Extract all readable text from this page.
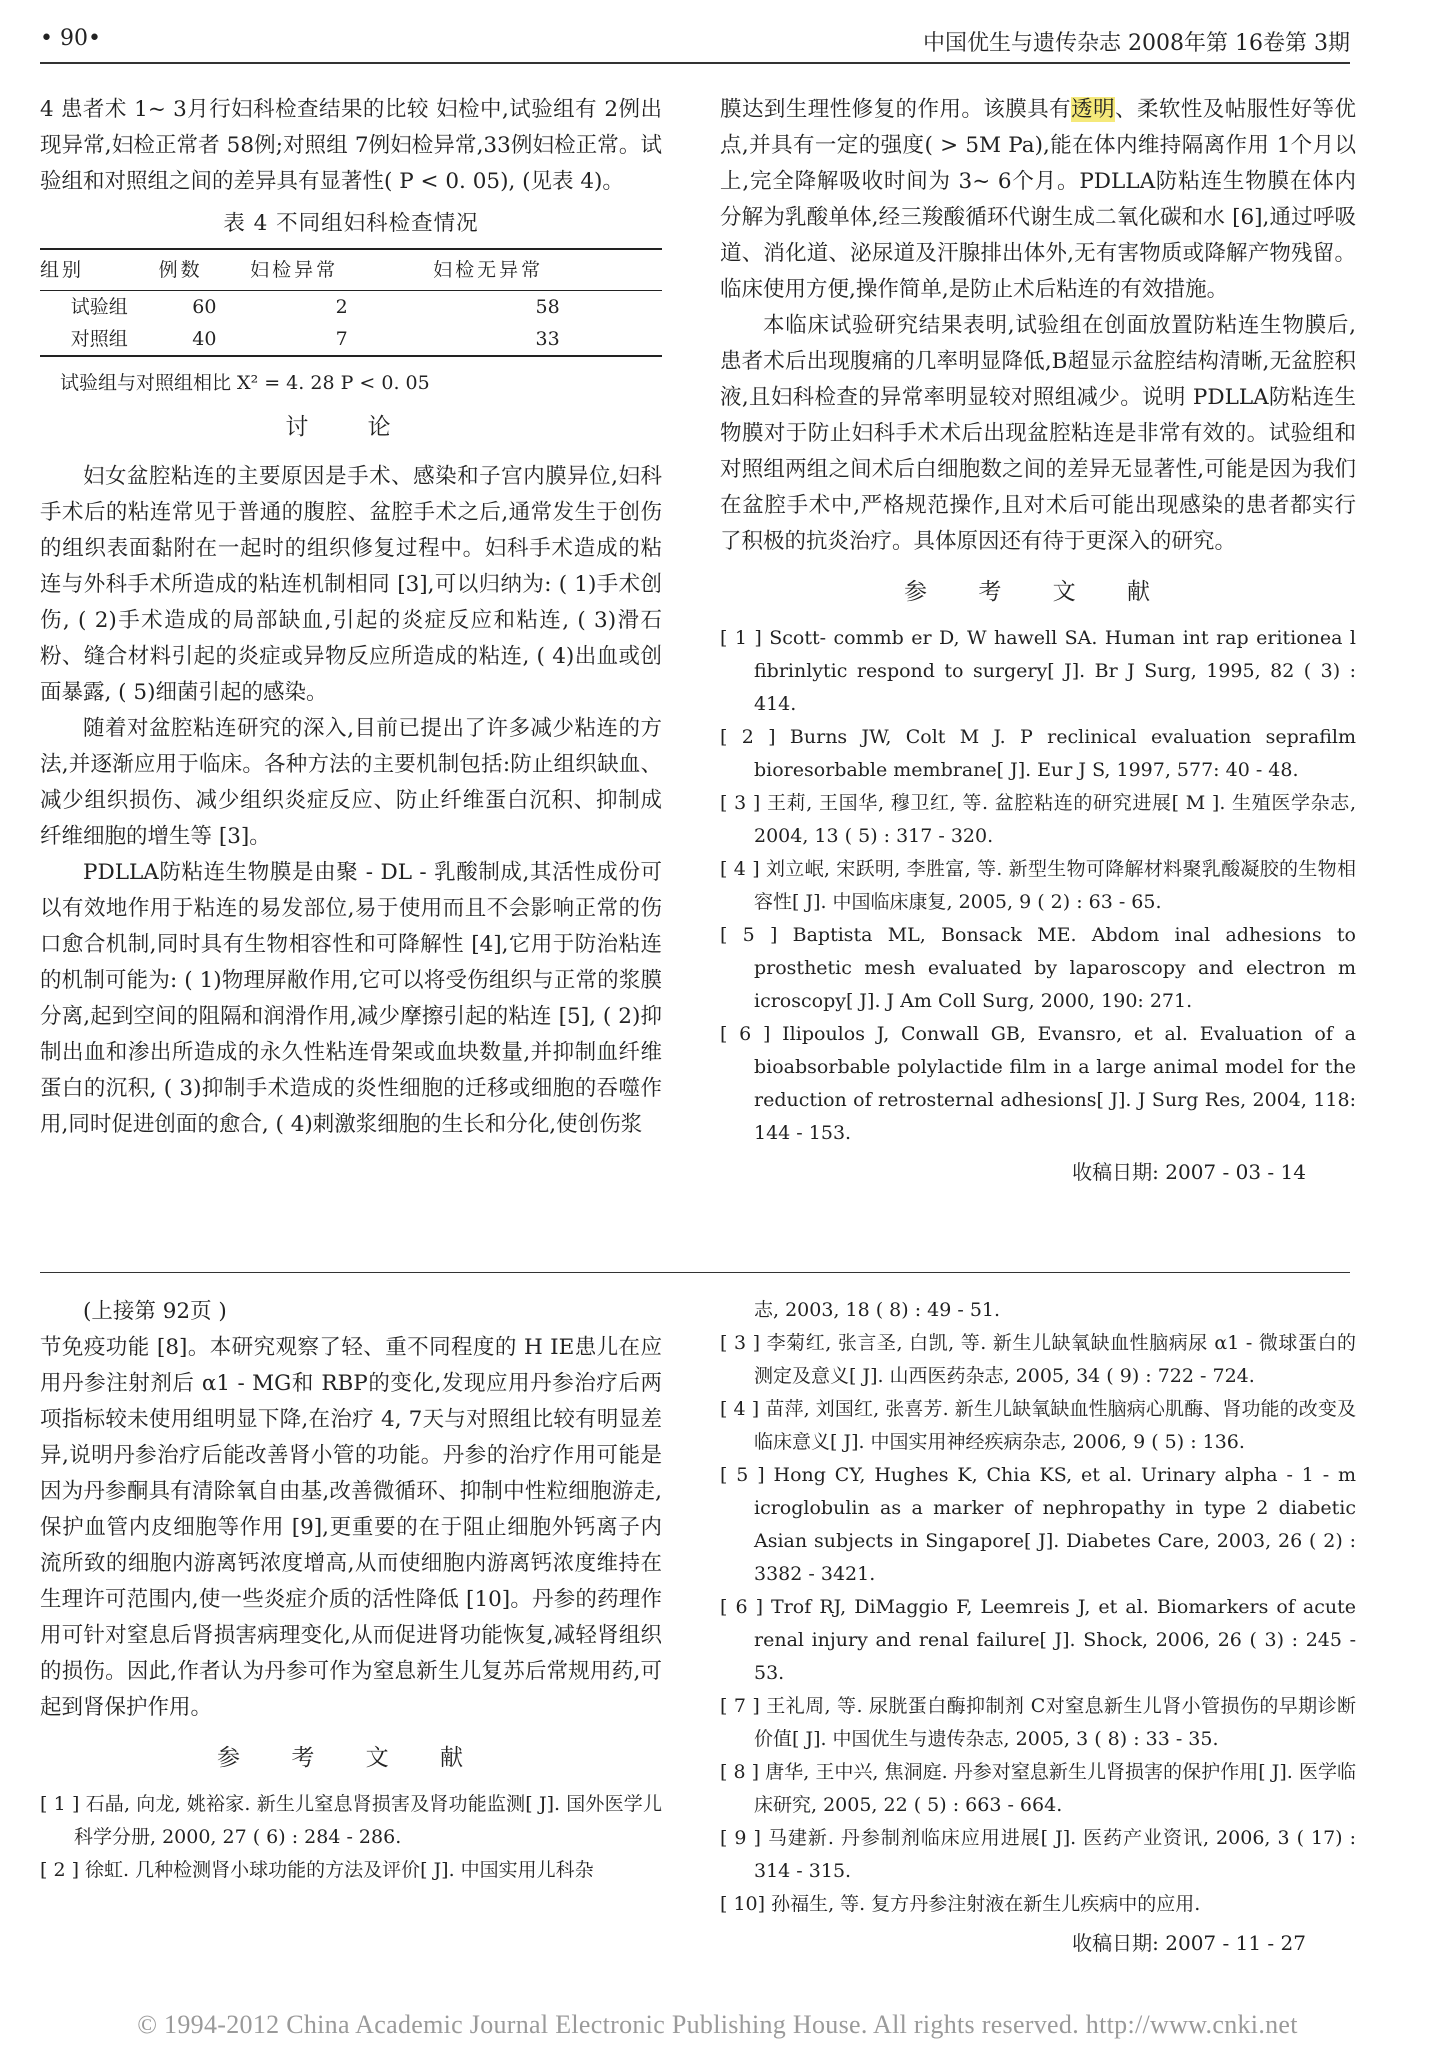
• 90•	中国优生与遗传杂志 2008年第 16卷第 3期

4 患者术 1~ 3月行妇科检查结果的比较 妇检中,试验组有 2例出现异常,妇检正常者 58例;对照组 7例妇检异常,33例妇检正常。试验组和对照组之间的差异具有显著性( P < 0. 05), (见表 4)。

表 4 不同组妇科检查情况
组别	例数	妇检异常	妇检无异常
试验组	60	2	58
对照组	40	7	33
试验组与对照组相比 X² = 4. 28 P < 0. 05
讨 论

妇女盆腔粘连的主要原因是手术、感染和子宫内膜异位,妇科手术后的粘连常见于普通的腹腔、盆腔手术之后,通常发生于创伤的组织表面黏附在一起时的组织修复过程中。妇科手术造成的粘连与外科手术所造成的粘连机制相同 [3],可以归纳为: ( 1)手术创伤, ( 2)手术造成的局部缺血,引起的炎症反应和粘连, ( 3)滑石粉、缝合材料引起的炎症或异物反应所造成的粘连, ( 4)出血或创面暴露, ( 5)细菌引起的感染。

随着对盆腔粘连研究的深入,目前已提出了许多减少粘连的方法,并逐渐应用于临床。各种方法的主要机制包括:防止组织缺血、减少组织损伤、减少组织炎症反应、防止纤维蛋白沉积、抑制成纤维细胞的增生等 [3]。

PDLLA防粘连生物膜是由聚 - DL - 乳酸制成,其活性成份可以有效地作用于粘连的易发部位,易于使用而且不会影响正常的伤口愈合机制,同时具有生物相容性和可降解性 [4],它用于防治粘连的机制可能为: ( 1)物理屏敝作用,它可以将受伤组织与正常的浆膜分离,起到空间的阻隔和润滑作用,减少摩擦引起的粘连 [5], ( 2)抑制出血和渗出所造成的永久性粘连骨架或血块数量,并抑制血纤维蛋白的沉积, ( 3)抑制手术造成的炎性细胞的迁移或细胞的吞噬作用,同时促进创面的愈合, ( 4)刺激浆细胞的生长和分化,使创伤浆

膜达到生理性修复的作用。该膜具有透明、柔软性及帖服性好等优点,并具有一定的强度( > 5M Pa),能在体内维持隔离作用 1个月以上,完全降解吸收时间为 3~ 6个月。PDLLA防粘连生物膜在体内分解为乳酸单体,经三羧酸循环代谢生成二氧化碳和水 [6],通过呼吸道、消化道、泌尿道及汗腺排出体外,无有害物质或降解产物残留。临床使用方便,操作简单,是防止术后粘连的有效措施。

本临床试验研究结果表明,试验组在创面放置防粘连生物膜后,患者术后出现腹痛的几率明显降低,B超显示盆腔结构清晰,无盆腔积液,且妇科检查的异常率明显较对照组减少。说明 PDLLA防粘连生物膜对于防止妇科手术术后出现盆腔粘连是非常有效的。试验组和对照组两组之间术后白细胞数之间的差异无显著性,可能是因为我们在盆腔手术中,严格规范操作,且对术后可能出现感染的患者都实行了积极的抗炎治疗。具体原因还有待于更深入的研究。

参 考 文 献

[ 1 ] Scott- commb er D, W hawell SA. Human int rap eritionea l fibrinlytic respond to surgery[ J]. Br J Surg, 1995, 82 ( 3) : 414.

[ 2 ] Burns JW, Colt M J. P reclinical evaluation seprafilm bioresorbable membrane[ J]. Eur J S, 1997, 577: 40 - 48.

[ 3 ] 王莉, 王国华, 穆卫红, 等. 盆腔粘连的研究进展[ M ]. 生殖医学杂志, 2004, 13 ( 5) : 317 - 320.

[ 4 ] 刘立岷, 宋跃明, 李胜富, 等. 新型生物可降解材料聚乳酸凝胶的生物相容性[ J]. 中国临床康复, 2005, 9 ( 2) : 63 - 65.

[ 5 ] Baptista ML, Bonsack ME. Abdom inal adhesions to prosthetic mesh evaluated by laparoscopy and electron m icroscopy[ J]. J Am Coll Surg, 2000, 190: 271.

[ 6 ] Ilipoulos J, Conwall GB, Evansro, et al. Evaluation of a bioabsorbable polylactide film in a large animal model for the reduction of retrosternal adhesions[ J]. J Surg Res, 2004, 118: 144 - 153.

收稿日期: 2007 - 03 - 14

(上接第 92页 )

节免疫功能 [8]。本研究观察了轻、重不同程度的 H IE患儿在应用丹参注射剂后 α1 - MG和 RBP的变化,发现应用丹参治疗后两项指标较未使用组明显下降,在治疗 4, 7天与对照组比较有明显差异,说明丹参治疗后能改善肾小管的功能。丹参的治疗作用可能是因为丹参酮具有清除氧自由基,改善微循环、抑制中性粒细胞游走,保护血管内皮细胞等作用 [9],更重要的在于阻止细胞外钙离子内流所致的细胞内游离钙浓度增高,从而使细胞内游离钙浓度维持在生理许可范围内,使一些炎症介质的活性降低 [10]。丹参的药理作用可针对窒息后肾损害病理变化,从而促进肾功能恢复,减轻肾组织的损伤。因此,作者认为丹参可作为窒息新生儿复苏后常规用药,可起到肾保护作用。

参 考 文 献

[ 1 ] 石晶, 向龙, 姚裕家. 新生儿窒息肾损害及肾功能监测[ J]. 国外医学儿科学分册, 2000, 27 ( 6) : 284 - 286.

[ 2 ] 徐虹. 几种检测肾小球功能的方法及评价[ J]. 中国实用儿科杂

志, 2003, 18 ( 8) : 49 - 51.

[ 3 ] 李菊红, 张言圣, 白凯, 等. 新生儿缺氧缺血性脑病尿 α1 - 微球蛋白的测定及意义[ J]. 山西医药杂志, 2005, 34 ( 9) : 722 - 724.

[ 4 ] 苗萍, 刘国红, 张喜芳. 新生儿缺氧缺血性脑病心肌酶、肾功能的改变及临床意义[ J]. 中国实用神经疾病杂志, 2006, 9 ( 5) : 136.

[ 5 ] Hong CY, Hughes K, Chia KS, et al. Urinary alpha - 1 - m icroglobulin as a marker of nephropathy in type 2 diabetic Asian subjects in Singapore[ J]. Diabetes Care, 2003, 26 ( 2) : 3382 - 3421.

[ 6 ] Trof RJ, DiMaggio F, Leemreis J, et al. Biomarkers of acute renal injury and renal failure[ J]. Shock, 2006, 26 ( 3) : 245 - 53.

[ 7 ] 王礼周, 等. 尿胱蛋白酶抑制剂 C对窒息新生儿肾小管损伤的早期诊断价值[ J]. 中国优生与遗传杂志, 2005, 3 ( 8) : 33 - 35.

[ 8 ] 唐华, 王中兴, 焦洞庭. 丹参对窒息新生儿肾损害的保护作用[ J]. 医学临床研究, 2005, 22 ( 5) : 663 - 664.

[ 9 ] 马建新. 丹参制剂临床应用进展[ J]. 医药产业资讯, 2006, 3 ( 17) : 314 - 315.

[ 10] 孙福生, 等. 复方丹参注射液在新生儿疾病中的应用.

收稿日期: 2007 - 11 - 27
© 1994-2012 China Academic Journal Electronic Publishing House. All rights reserved. http://www.cnki.net
